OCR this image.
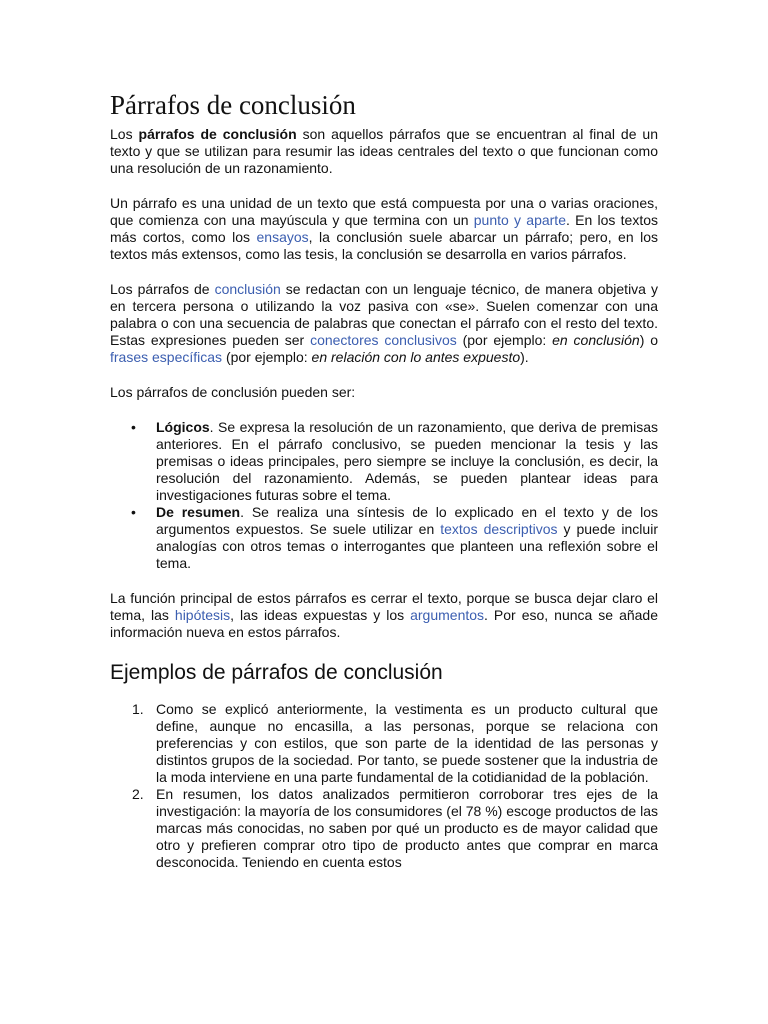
Párrafos de conclusión

Los párrafos de conclusión son aquellos párrafos que se encuentran al final de un texto y que se utilizan para resumir las ideas centrales del texto o que funcionan como una resolución de un razonamiento.

Un párrafo es una unidad de un texto que está compuesta por una o varias oraciones, que comienza con una mayúscula y que termina con un punto y aparte. En los textos más cortos, como los ensayos, la conclusión suele abarcar un párrafo; pero, en los textos más extensos, como las tesis, la conclusión se desarrolla en varios párrafos.

Los párrafos de conclusión se redactan con un lenguaje técnico, de manera objetiva y en tercera persona o utilizando la voz pasiva con «se». Suelen comenzar con una palabra o con una secuencia de palabras que conectan el párrafo con el resto del texto. Estas expresiones pueden ser conectores conclusivos (por ejemplo: en conclusión) o frases específicas (por ejemplo: en relación con lo antes expuesto).

Los párrafos de conclusión pueden ser:

• Lógicos. Se expresa la resolución de un razonamiento, que deriva de premisas anteriores. En el párrafo conclusivo, se pueden mencionar la tesis y las premisas o ideas principales, pero siempre se incluye la conclusión, es decir, la resolución del razonamiento. Además, se pueden plantear ideas para investigaciones futuras sobre el tema.
• De resumen. Se realiza una síntesis de lo explicado en el texto y de los argumentos expuestos. Se suele utilizar en textos descriptivos y puede incluir analogías con otros temas o interrogantes que planteen una reflexión sobre el tema.

La función principal de estos párrafos es cerrar el texto, porque se busca dejar claro el tema, las hipótesis, las ideas expuestas y los argumentos. Por eso, nunca se añade información nueva en estos párrafos.

Ejemplos de párrafos de conclusión
1. Como se explicó anteriormente, la vestimenta es un producto cultural que define, aunque no encasilla, a las personas, porque se relaciona con preferencias y con estilos, que son parte de la identidad de las personas y distintos grupos de la sociedad. Por tanto, se puede sostener que la industria de la moda interviene en una parte fundamental de la cotidianidad de la población.
2. En resumen, los datos analizados permitieron corroborar tres ejes de la investigación: la mayoría de los consumidores (el 78 %) escoge productos de las marcas más conocidas, no saben por qué un producto es de mayor calidad que otro y prefieren comprar otro tipo de producto antes que comprar en marca desconocida. Teniendo en cuenta estos
